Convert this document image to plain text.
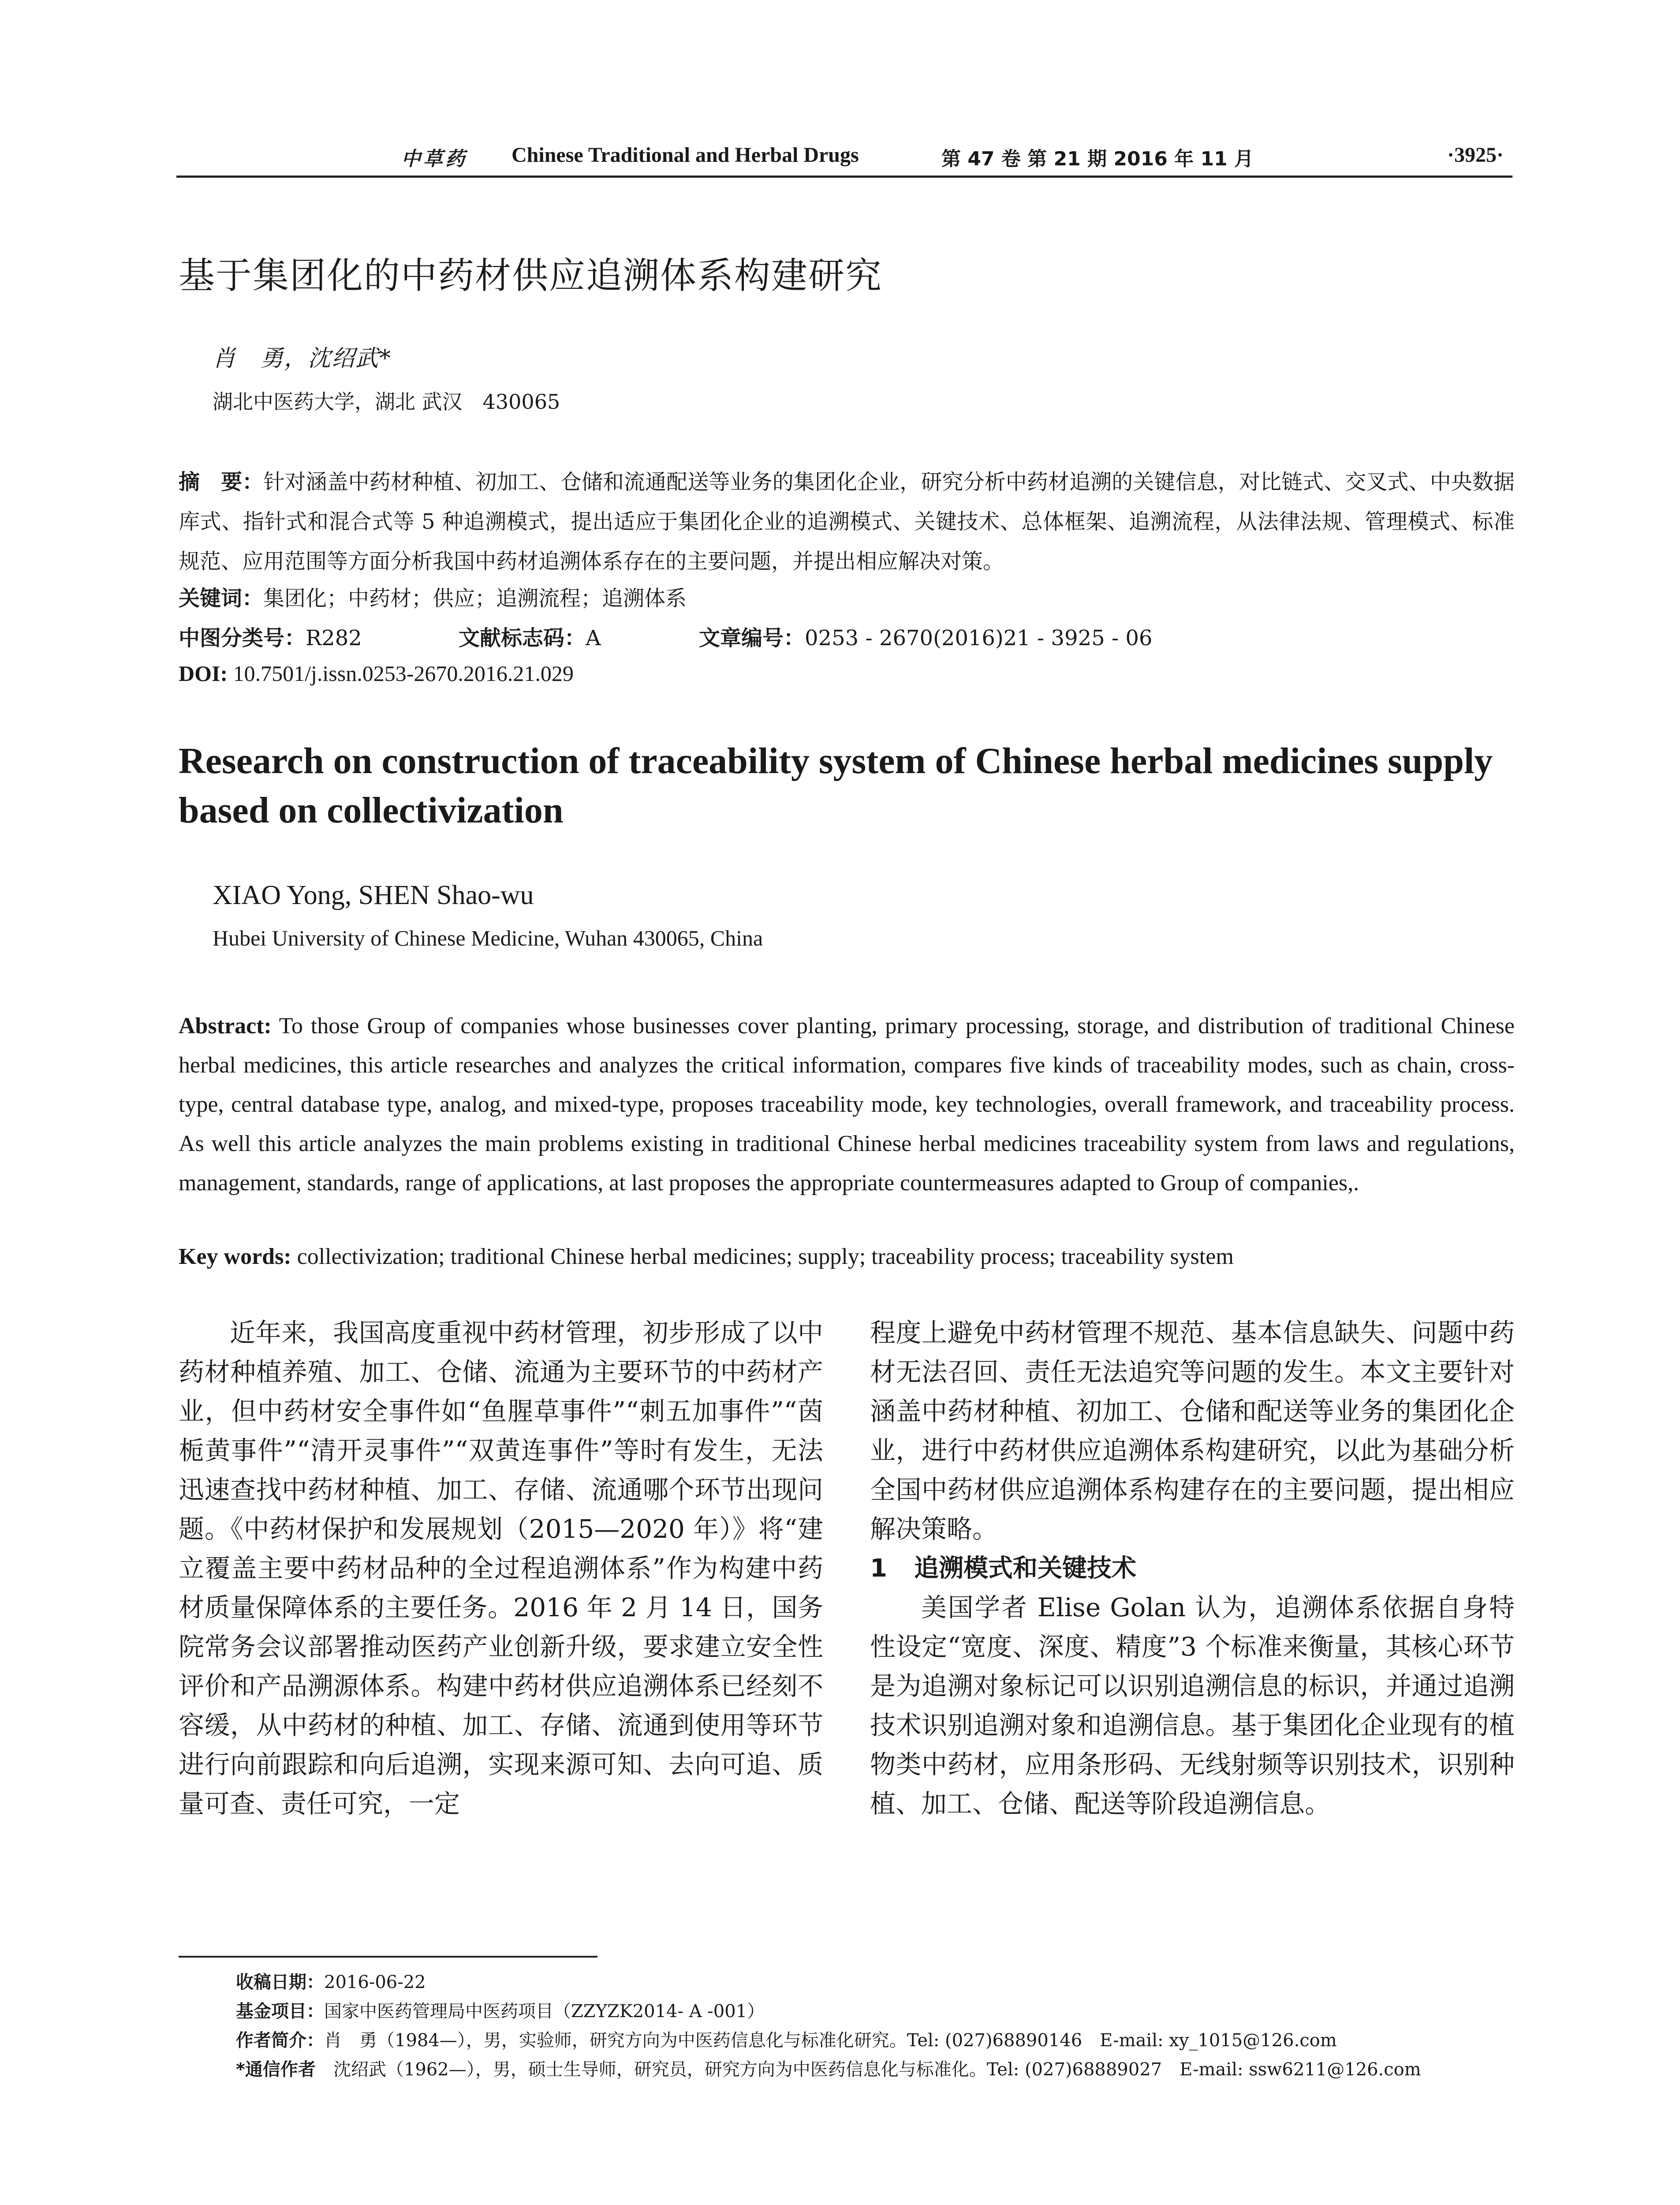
中草药 Chinese Traditional and Herbal Drugs	第 47 卷 第 21 期 2016 年 11 月	·3925·
基于集团化的中药材供应追溯体系构建研究
肖　勇，沈绍武*
湖北中医药大学，湖北 武汉　430065
摘　要：针对涵盖中药材种植、初加工、仓储和流通配送等业务的集团化企业，研究分析中药材追溯的关键信息，对比链式、交叉式、中央数据库式、指针式和混合式等 5 种追溯模式，提出适应于集团化企业的追溯模式、关键技术、总体框架、追溯流程，从法律法规、管理模式、标准规范、应用范围等方面分析我国中药材追溯体系存在的主要问题，并提出相应解决对策。
关键词：集团化；中药材；供应；追溯流程；追溯体系
中图分类号：R282	文献标志码：A	文章编号：0253 - 2670(2016)21 - 3925 - 06
DOI: 10.7501/j.issn.0253-2670.2016.21.029
Research on construction of traceability system of Chinese herbal medicines supply based on collectivization
XIAO Yong, SHEN Shao-wu
Hubei University of Chinese Medicine, Wuhan 430065, China
Abstract: To those Group of companies whose businesses cover planting, primary processing, storage, and distribution of traditional Chinese herbal medicines, this article researches and analyzes the critical information, compares five kinds of traceability modes, such as chain, cross-type, central database type, analog, and mixed-type, proposes traceability mode, key technologies, overall framework, and traceability process. As well this article analyzes the main problems existing in traditional Chinese herbal medicines traceability system from laws and regulations, management, standards, range of applications, at last proposes the appropriate countermeasures adapted to Group of companies,.
Key words: collectivization; traditional Chinese herbal medicines; supply; traceability process; traceability system

近年来，我国高度重视中药材管理，初步形成了以中药材种植养殖、加工、仓储、流通为主要环节的中药材产业，但中药材安全事件如“鱼腥草事件”“刺五加事件”“茵栀黄事件”“清开灵事件”“双黄连事件”等时有发生，无法迅速查找中药材种植、加工、存储、流通哪个环节出现问题。《中药材保护和发展规划（2015—2020 年）》将“建立覆盖主要中药材品种的全过程追溯体系”作为构建中药材质量保障体系的主要任务。2016 年 2 月 14 日，国务院常务会议部署推动医药产业创新升级，要求建立安全性评价和产品溯源体系。构建中药材供应追溯体系已经刻不容缓，从中药材的种植、加工、存储、流通到使用等环节进行向前跟踪和向后追溯，实现来源可知、去向可追、质量可查、责任可究，一定

程度上避免中药材管理不规范、基本信息缺失、问题中药材无法召回、责任无法追究等问题的发生。本文主要针对涵盖中药材种植、初加工、仓储和配送等业务的集团化企业，进行中药材供应追溯体系构建研究，以此为基础分析全国中药材供应追溯体系构建存在的主要问题，提出相应解决策略。

1 追溯模式和关键技术

美国学者 Elise Golan 认为，追溯体系依据自身特性设定“宽度、深度、精度”3 个标准来衡量，其核心环节是为追溯对象标记可以识别追溯信息的标识，并通过追溯技术识别追溯对象和追溯信息。基于集团化企业现有的植物类中药材，应用条形码、无线射频等识别技术，识别种植、加工、仓储、配送等阶段追溯信息。

收稿日期：2016-06-22
基金项目：国家中医药管理局中医药项目（ZZYZK2014- A -001）
作者简介：肖　勇（1984—），男，实验师，研究方向为中医药信息化与标准化研究。Tel: (027)68890146　E-mail: xy_1015@126.com
*通信作者　 沈绍武（1962—），男，硕士生导师，研究员，研究方向为中医药信息化与标准化。Tel: (027)68889027　E-mail: ssw6211@126.com
